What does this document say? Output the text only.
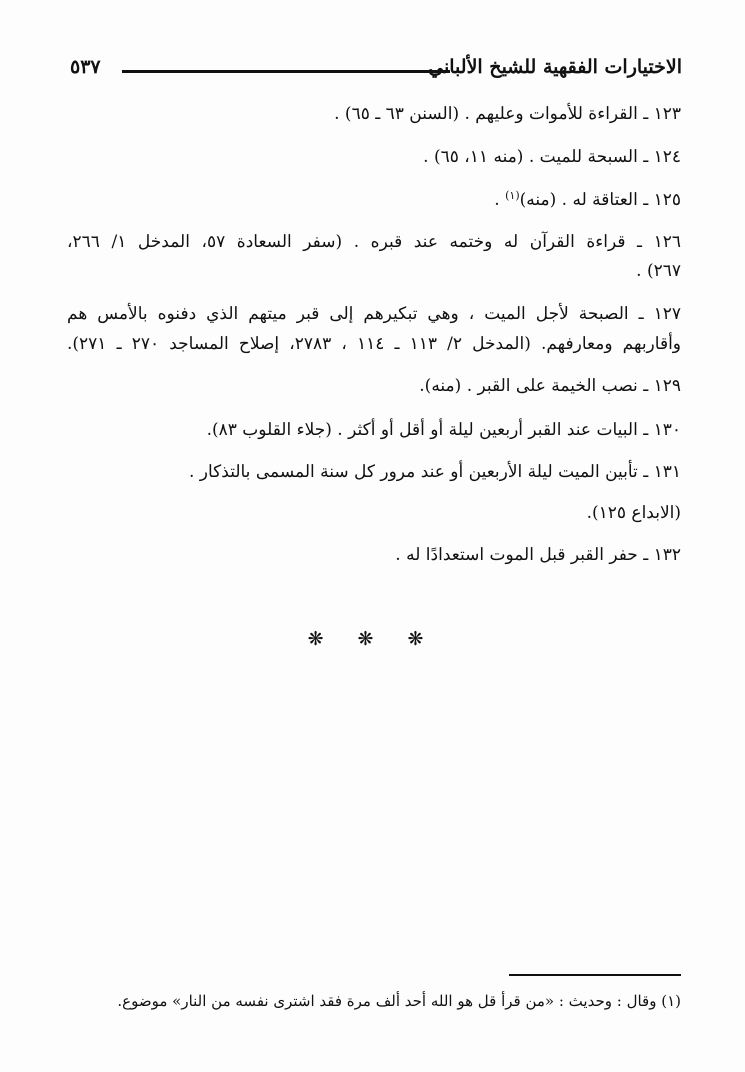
الاختيارات الفقهية للشيخ الألباني
٥٣٧
١٢٣ ـ القراءة للأموات وعليهم . (السنن ٦٣ ـ ٦٥) .
١٢٤ ـ السبحة للميت . (منه ١١، ٦٥) .
١٢٥ ـ العتاقة له . (منه)$^{(١)}$ .
١٢٦ ـ قراءة القرآن له وختمه عند قبره . (سفر السعادة ٥٧، المدخل ١/ ٢٦٦،
٢٦٧) .
١٢٧ ـ الصبحة لأجل الميت ، وهي تبكيرهم إلى قبر ميتهم الذي دفنوه بالأمس هم
وأقاربهم ومعارفهم. (المدخل ٢/ ١١٣ ـ ١١٤ ، ٢٧٨٣، إصلاح المساجد ٢٧٠ ـ ٢٧١).
١٢٩ ـ نصب الخيمة على القبر . (منه).
١٣٠ ـ البيات عند القبر أربعين ليلة أو أقل أو أكثر . (جلاء القلوب ٨٣).
١٣١ ـ تأبين الميت ليلة الأربعين أو عند مرور كل سنة المسمى بالتذكار .
(الابداع ١٢٥).
١٣٢ ـ حفر القبر قبل الموت استعدادًا له .
❋ ❋ ❋
(١) وقال : وحديث : «من قرأ قل هو الله أحد ألف مرة فقد اشترى نفسه من النار» موضوع.
